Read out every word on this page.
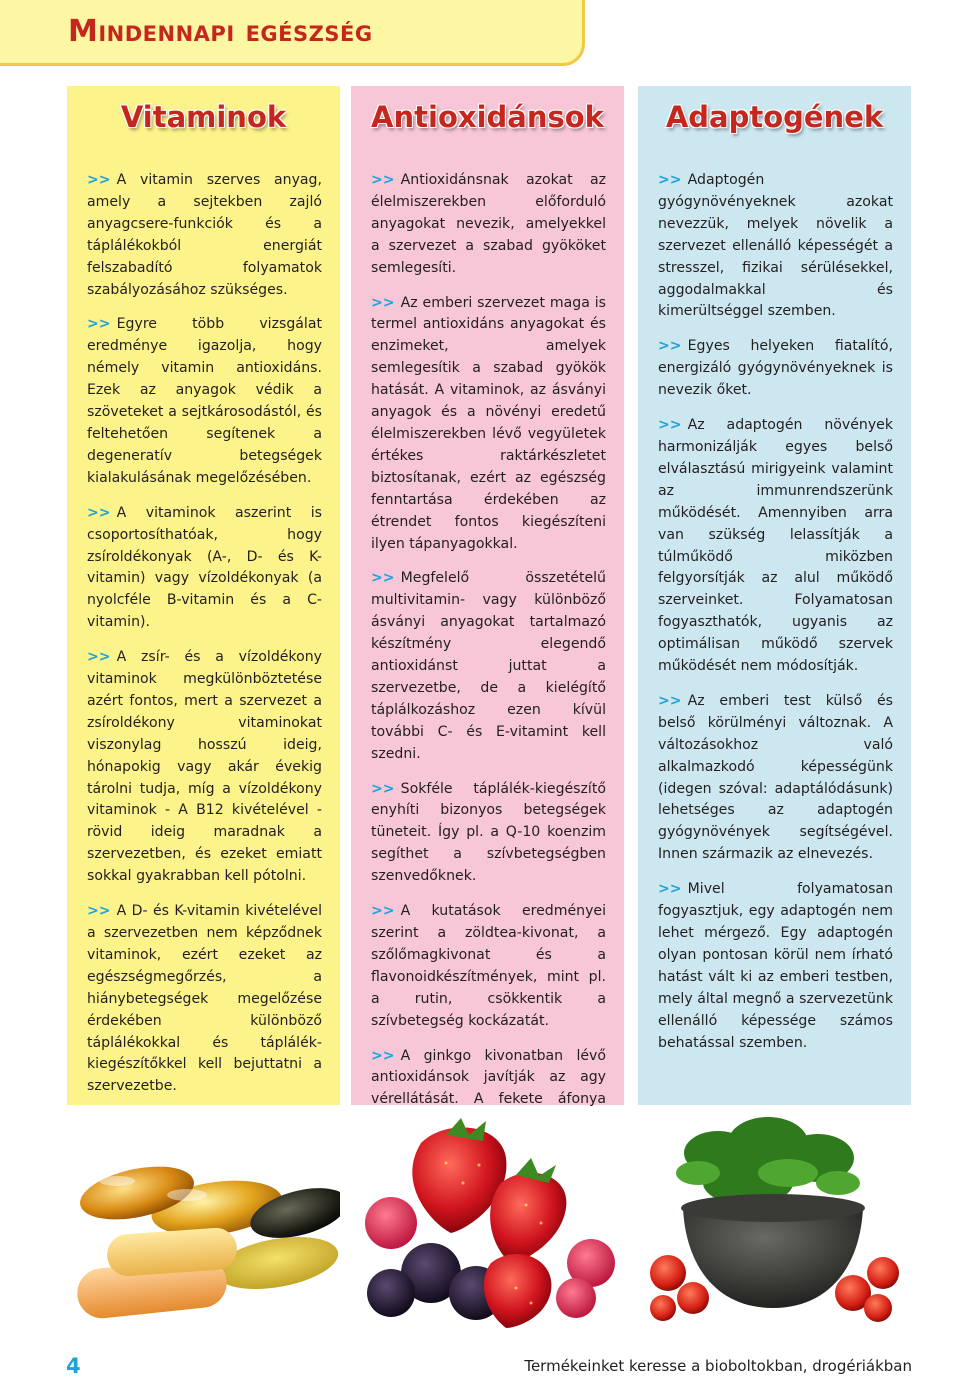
Mindennapi egészség
Vitaminok

>> A vitamin szerves anyag, amely a sejtekben zajló anyagcsere-funkciók és a táplálékokból energiát felszabadító folyamatok szabályozásához szükséges.

>> Egyre több vizsgálat eredménye igazolja, hogy némely vitamin antioxidáns. Ezek az anyagok védik a szöveteket a sejtkárosodástól, és feltehetően segítenek a degeneratív betegségek kialakulásának megelőzésében.

>> A vitaminok aszerint is csoportosíthatóak, hogy zsíroldékonyak (A-, D- és K-vitamin) vagy vízoldékonyak (a nyolcféle B-vitamin és a C-vitamin).

>> A zsír- és a vízoldékony vitaminok megkülönböztetése azért fontos, mert a szervezet a zsíroldékony vitaminokat viszonylag hosszú ideig, hónapokig vagy akár évekig tárolni tudja, míg a vízoldékony vitaminok - A B12 kivételével - rövid ideig maradnak a szervezetben, és ezeket emiatt sokkal gyakrabban kell pótolni.

>> A D- és K-vitamin kivételével a szervezetben nem képződnek vitaminok, ezért ezeket az egészségmegőrzés, a hiánybetegségek megelőzése érdekében különböző táplálékokkal és táplálék-kiegészítőkkel kell bejuttatni a szervezetbe.

Antioxidánsok

>> Antioxidánsnak azokat az élelmiszerekben előforduló anyagokat nevezik, amelyekkel a szervezet a szabad gyököket semlegesíti.

>> Az emberi szervezet maga is termel antioxidáns anyagokat és enzimeket, amelyek semlegesítik a szabad gyökök hatását. A vitaminok, az ásványi anyagok és a növényi eredetű élelmiszerekben lévő vegyületek értékes raktárkészletet biztosítanak, ezért az egészség fenntartása érdekében az étrendet fontos kiegészíteni ilyen tápanyagokkal.

>> Megfelelő összetételű multivitamin- vagy különböző ásványi anyagokat tartalmazó készítmény elegendő antioxidánst juttat a szervezetbe, de a kielégítő táplálkozáshoz ezen kívül további C- és E-vitamint kell szedni.

>> Sokféle táplálék-kiegészítő enyhíti bizonyos betegségek tüneteit. Így pl. a Q-10 koenzim segíthet a szívbetegségben szenvedőknek.

>> A kutatások eredményei szerint a zöldtea-kivonat, a szőlőmagkivonat és a flavonoidkészítmények, mint pl. a rutin, csökkentik a szívbetegség kockázatát.

>> A ginkgo kivonatban lévő antioxidánsok javítják az agy vérellátását. A fekete áfonya

Adaptogének

>> Adaptogén gyógynövényeknek azokat nevezzük, melyek növelik a szervezet ellenálló képességét a stresszel, fizikai sérülésekkel, aggodalmakkal és kimerültséggel szemben.

>> Egyes helyeken fiatalító, energizáló gyógynövényeknek is nevezik őket.

>> Az adaptogén növények harmonizálják egyes belső elválasztású mirigyeink valamint az immunrendszerünk működését. Amennyiben arra van szükség lelassítják a túlműködő miközben felgyorsítják az alul működő szerveinket. Folyamatosan fogyaszthatók, ugyanis az optimálisan működő szervek működését nem módosítják.

>> Az emberi test külső és belső körülményi változnak. A változásokhoz való alkalmazkodó képességünk (idegen szóval: adaptálódásunk) lehetséges az adaptogén gyógynövények segítségével. Innen származik az elnevezés.

>> Mivel folyamatosan fogyasztjuk, egy adaptogén nem lehet mérgező. Egy adaptogén olyan pontosan körül nem írható hatást vált ki az emberi testben, mely által megnő a szervezetünk ellenálló képessége számos behatással szemben.

4	Termékeinket keresse a bioboltokban, drogériákban
